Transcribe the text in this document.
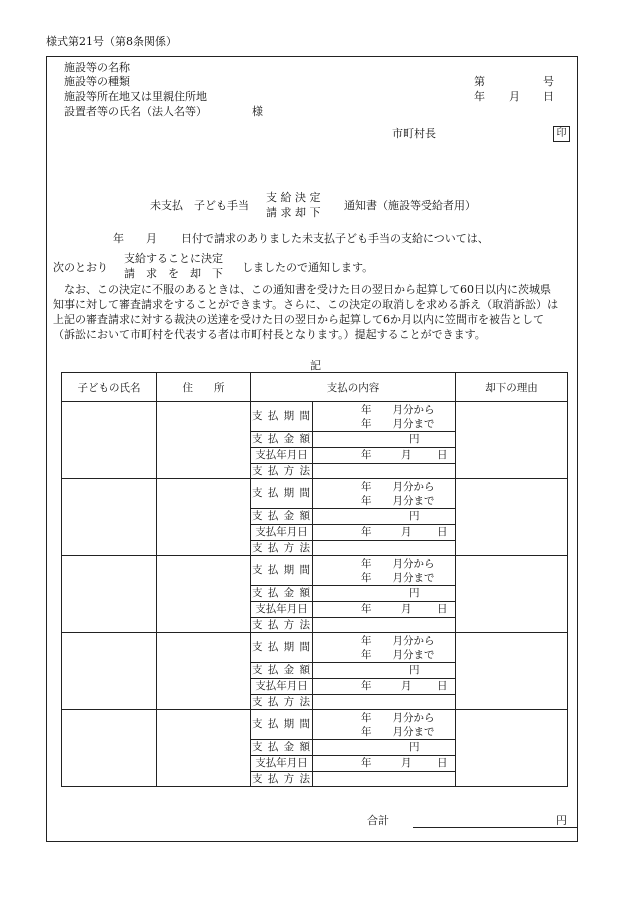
様式第21号（第8条関係）
施設等の名称
施設等の種類
施設等所在地又は里親住所地
設置者等の氏名（法人名等）	様
第	号
年 月 日
市町村長	印
未支払　子ども手当
支 給 決 定
請 求 却 下
通知書（施設等受給者用）
年 月 日付で請求のありました未支払子ども手当の支給については、
次のとおり
支給することに決定
請　求　を　却　下 しましたので通知します。
　なお、この決定に不服のあるときは、この通知書を受けた日の翌日から起算して60日以内に茨城県
知事に対して審査請求をすることができます。さらに、この決定の取消しを求める訴え（取消訴訟）は
上記の審査請求に対する裁決の送達を受けた日の翌日から起算して6か月以内に笠間市を被告として
（訴訟において市町村を代表する者は市町村長となります。）提起することができます。
記
子どもの氏名	住　　所	支払の内容		却下の理由
		支 払 期 間	年　　月分から
年　　月分まで	

		支 払 金 額	円	

		支払年月日	年 月 日	

		支 払 方 法		
		支 払 期 間	年　　月分から
年　　月分まで	

		支 払 金 額	円	

		支払年月日	年 月 日	

		支 払 方 法		
		支 払 期 間	年　　月分から
年　　月分まで	

		支 払 金 額	円	

		支払年月日	年 月 日	

		支 払 方 法		
		支 払 期 間	年　　月分から
年　　月分まで	

		支 払 金 額	円	

		支払年月日	年 月 日	

		支 払 方 法		
		支 払 期 間	年　　月分から
年　　月分まで	

		支 払 金 額	円	

		支払年月日	年 月 日	

		支 払 方 法		
合計	円
